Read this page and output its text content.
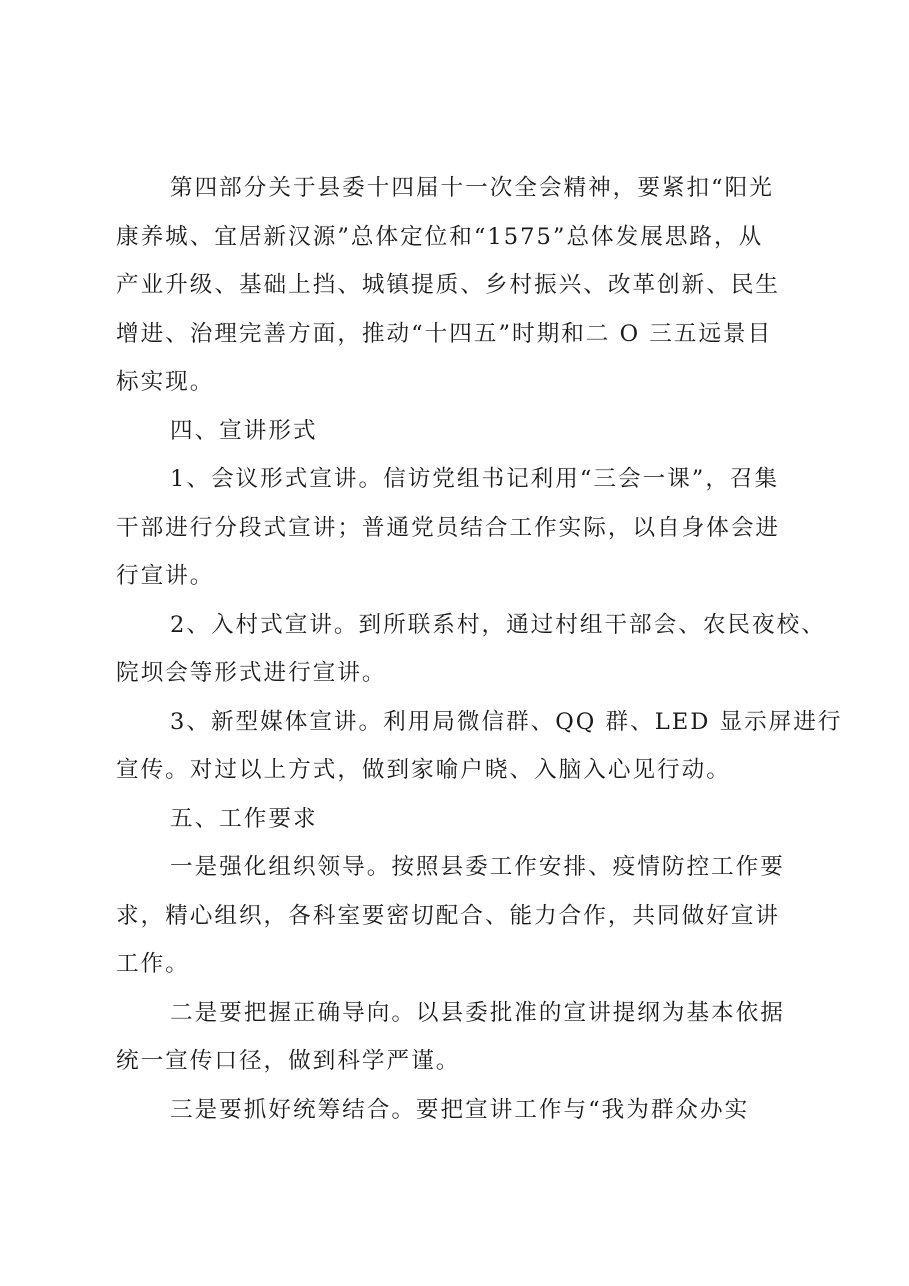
第四部分关于县委十四届十一次全会精神，要紧扣“阳光
康养城、宜居新汉源”总体定位和“1575”总体发展思路，从
产业升级、基础上挡、城镇提质、乡村振兴、改革创新、民生
增进、治理完善方面，推动“十四五”时期和二 O 三五远景目
标实现。
四、宣讲形式
1、会议形式宣讲。信访党组书记利用“三会一课”，召集
干部进行分段式宣讲；普通党员结合工作实际，以自身体会进
行宣讲。
2、入村式宣讲。到所联系村，通过村组干部会、农民夜校、
院坝会等形式进行宣讲。
3、新型媒体宣讲。利用局微信群、QQ 群、LED 显示屏进行
宣传。对过以上方式，做到家喻户晓、入脑入心见行动。
五、工作要求
一是强化组织领导。按照县委工作安排、疫情防控工作要
求，精心组织，各科室要密切配合、能力合作，共同做好宣讲
工作。
二是要把握正确导向。以县委批准的宣讲提纲为基本依据
统一宣传口径，做到科学严谨。
三是要抓好统筹结合。要把宣讲工作与“我为群众办实
